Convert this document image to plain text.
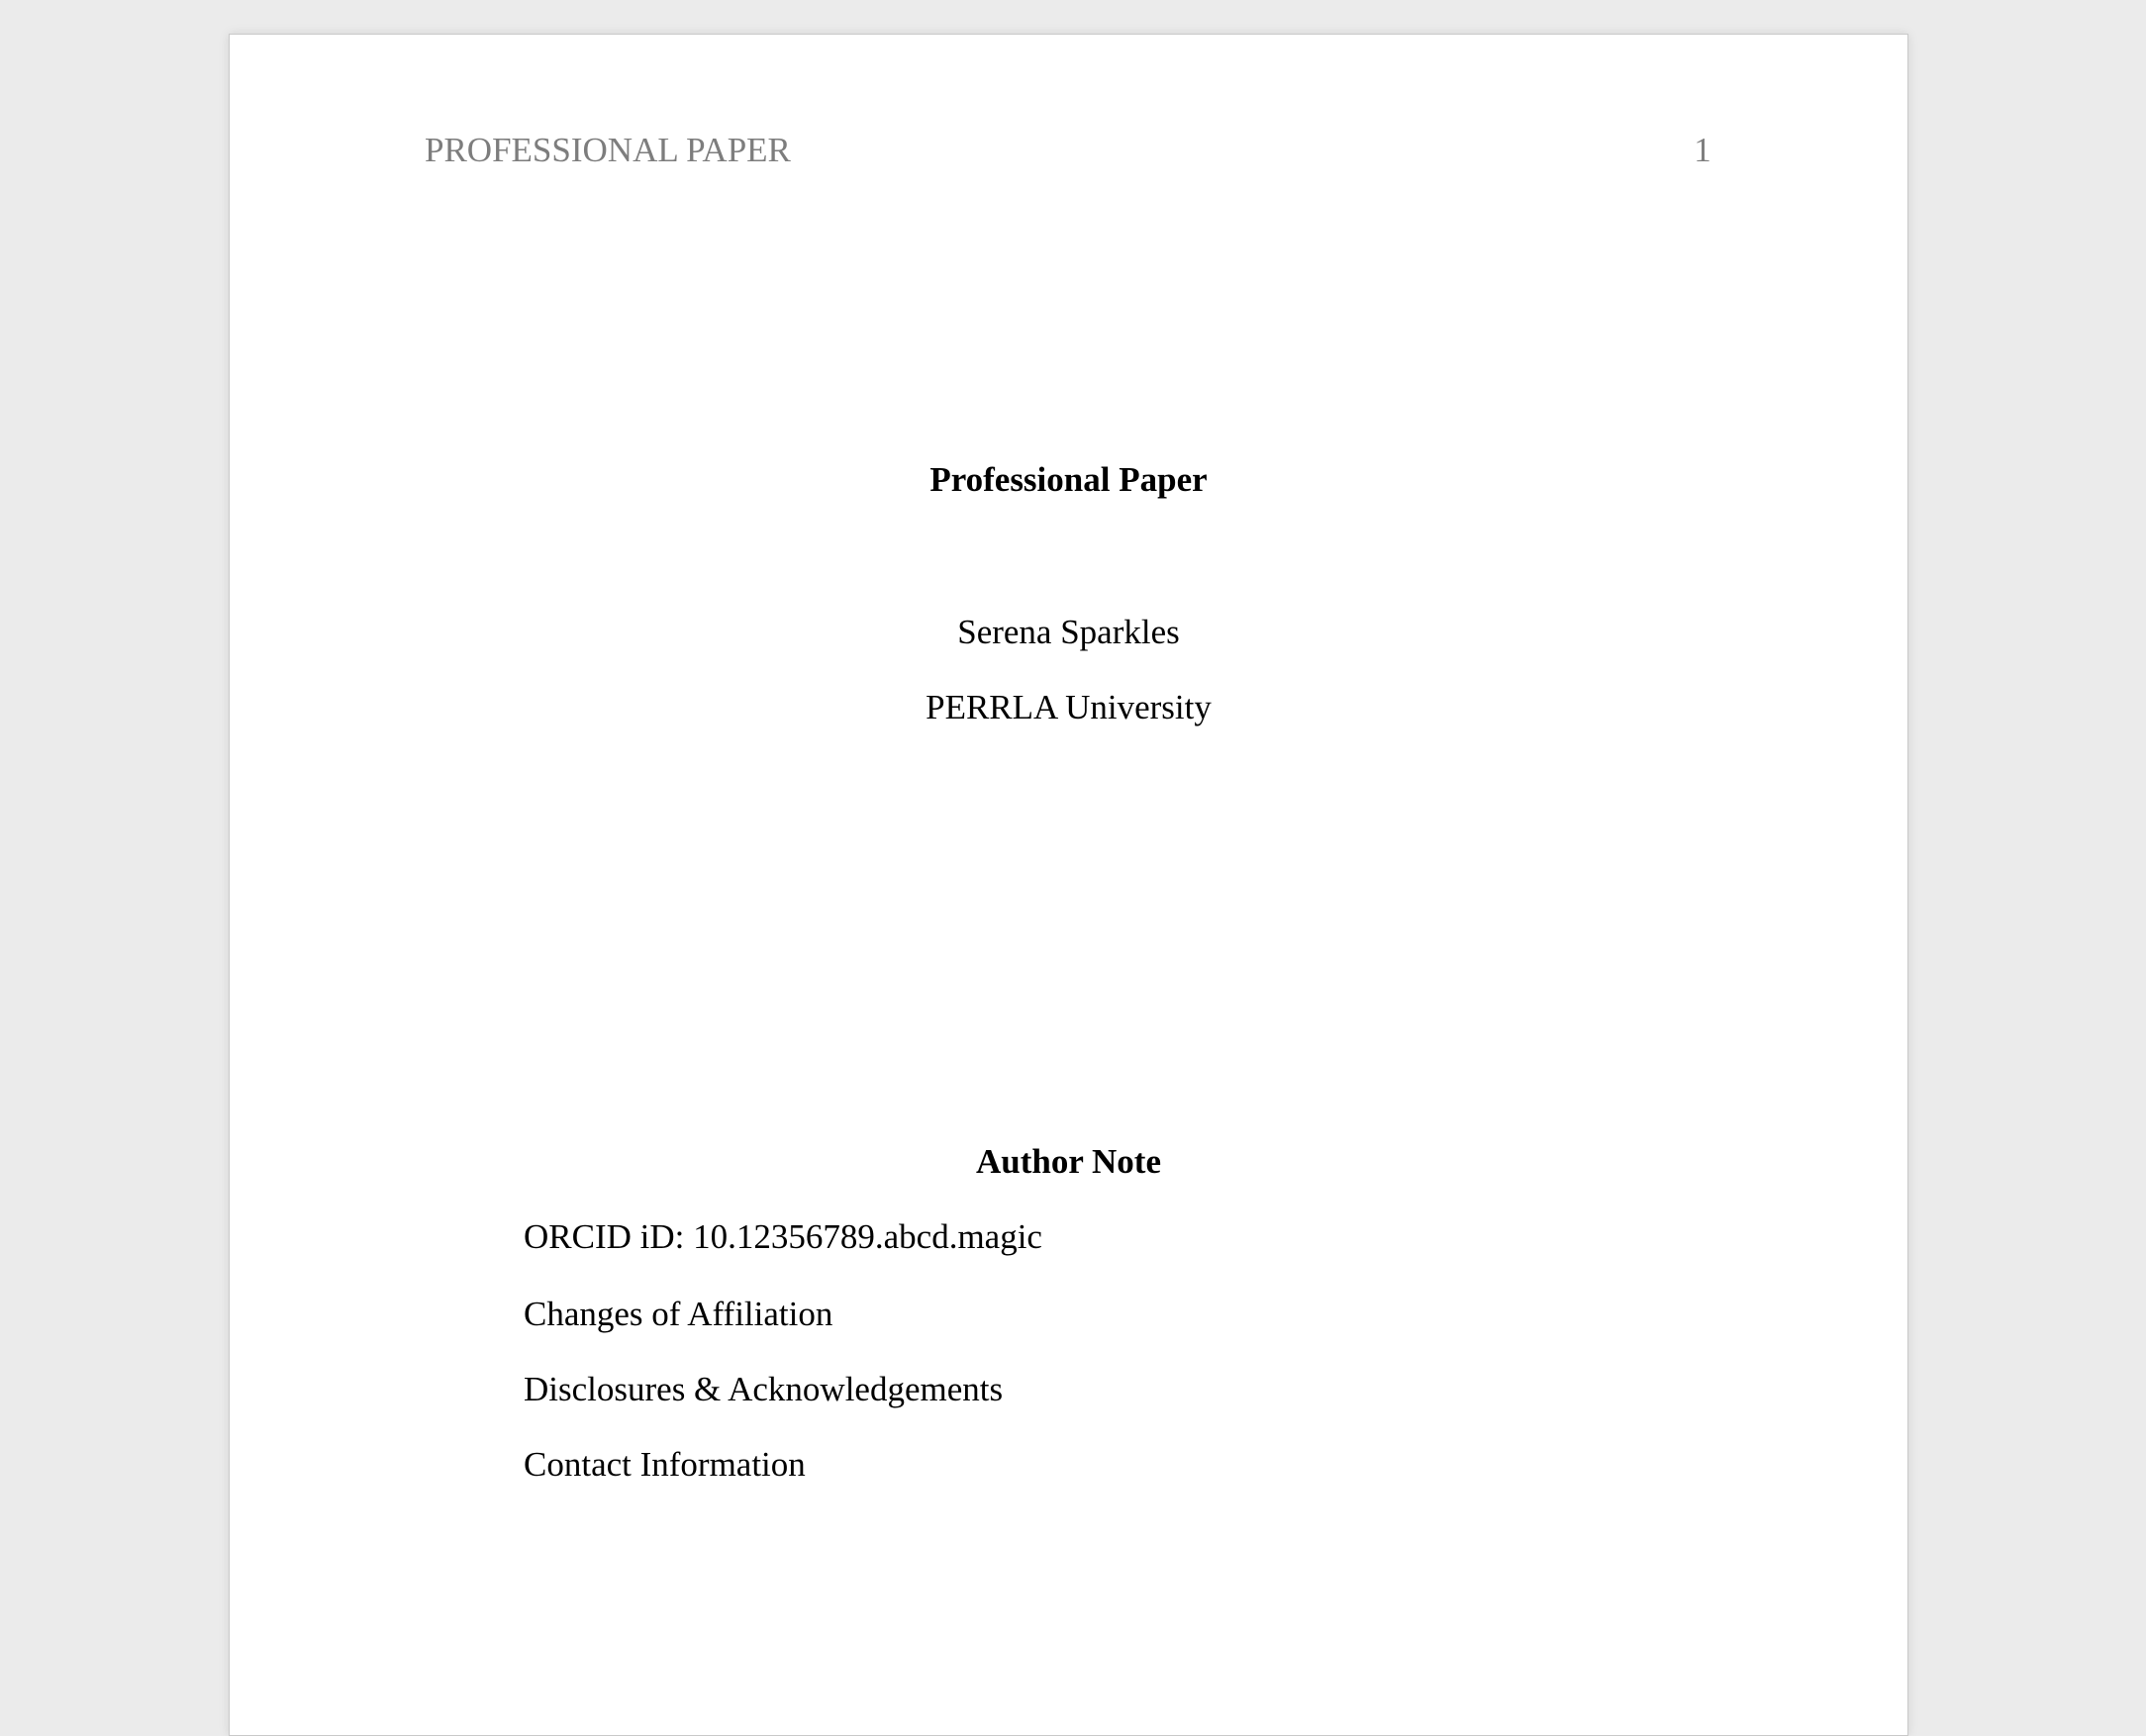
PROFESSIONAL PAPER	1
Professional Paper
Serena Sparkles
PERRLA University
Author Note
ORCID iD: 10.12356789.abcd.magic
Changes of Affiliation
Disclosures & Acknowledgements
Contact Information
